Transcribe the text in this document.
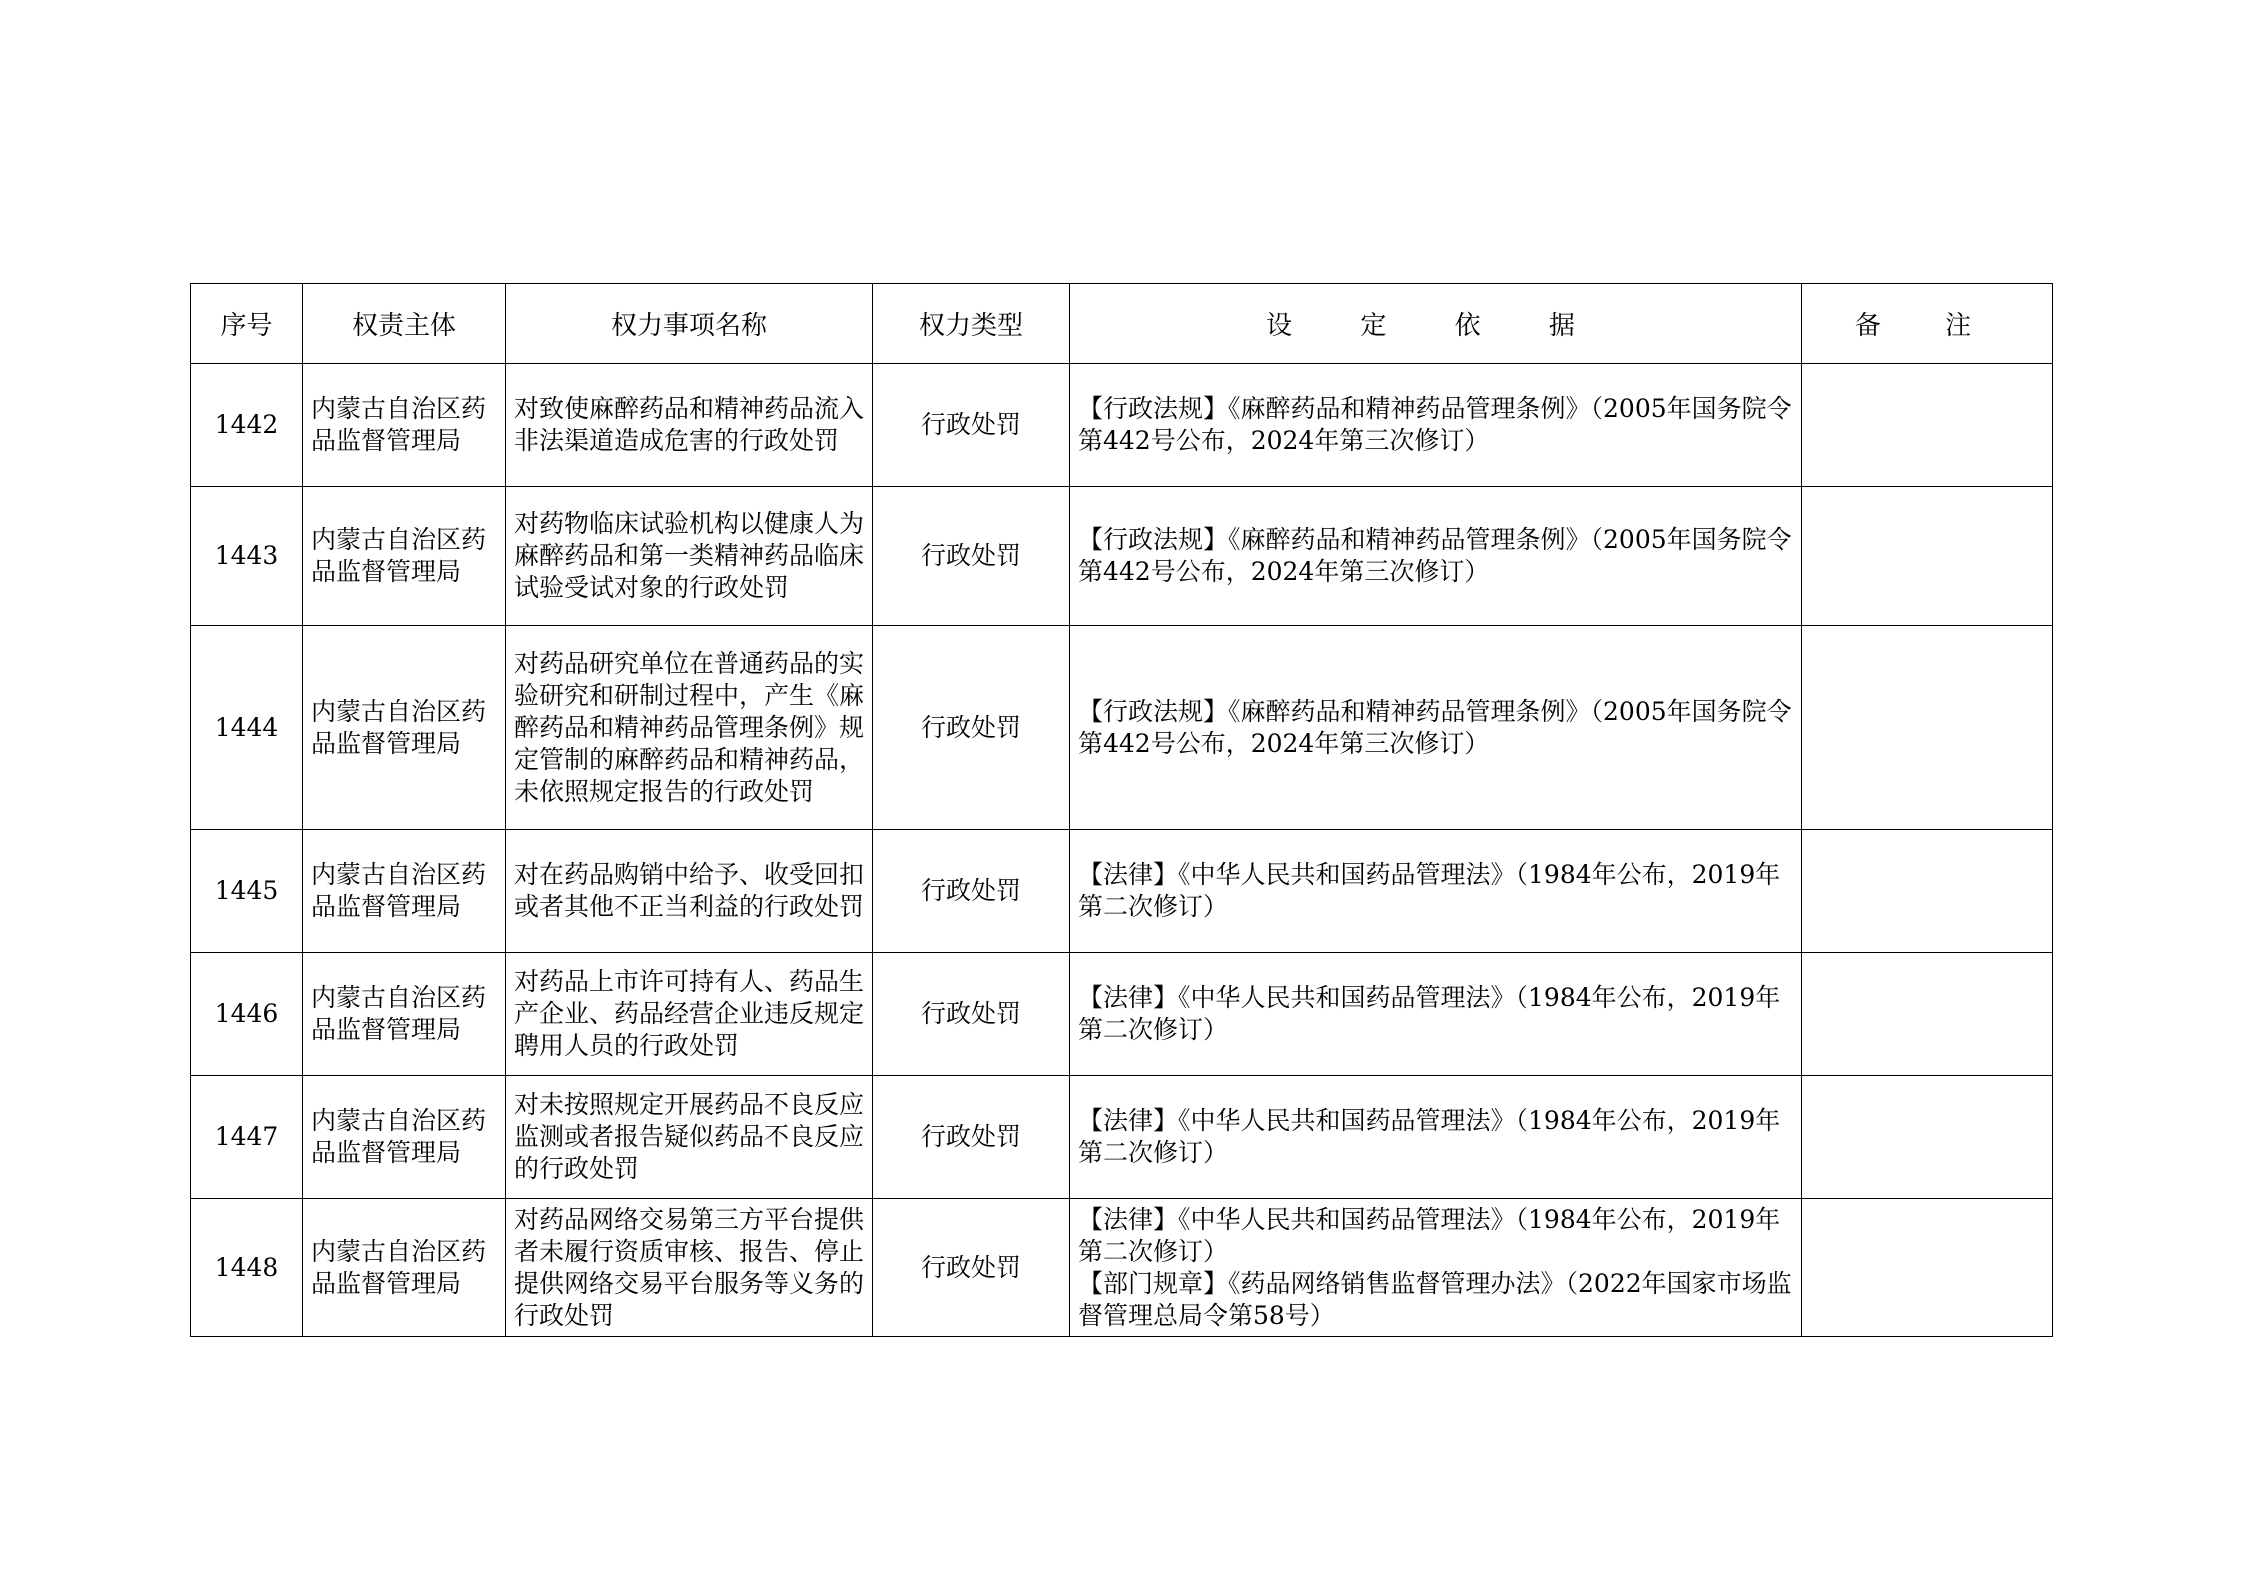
序号	权责主体	权力事项名称	权力类型	设 定 依 据	备 注
1442	内蒙古自治区药品监督管理局	对致使麻醉药品和精神药品流入非法渠道造成危害的行政处罚	行政处罚	【行政法规】《麻醉药品和精神药品管理条例》（2005年国务院令第442号公布，2024年第三次修订）	

1443	内蒙古自治区药品监督管理局	对药物临床试验机构以健康人为麻醉药品和第一类精神药品临床试验受试对象的行政处罚	行政处罚	【行政法规】《麻醉药品和精神药品管理条例》（2005年国务院令第442号公布，2024年第三次修订）	

1444	内蒙古自治区药品监督管理局	对药品研究单位在普通药品的实验研究和研制过程中，产生《麻醉药品和精神药品管理条例》规定管制的麻醉药品和精神药品，未依照规定报告的行政处罚	行政处罚	【行政法规】《麻醉药品和精神药品管理条例》（2005年国务院令第442号公布，2024年第三次修订）	

1445	内蒙古自治区药品监督管理局	对在药品购销中给予、收受回扣或者其他不正当利益的行政处罚	行政处罚	【法律】《中华人民共和国药品管理法》（1984年公布，2019年第二次修订）	

1446	内蒙古自治区药品监督管理局	对药品上市许可持有人、药品生产企业、药品经营企业违反规定聘用人员的行政处罚	行政处罚	【法律】《中华人民共和国药品管理法》（1984年公布，2019年第二次修订）	

1447	内蒙古自治区药品监督管理局	对未按照规定开展药品不良反应监测或者报告疑似药品不良反应的行政处罚	行政处罚	【法律】《中华人民共和国药品管理法》（1984年公布，2019年第二次修订）	

1448	内蒙古自治区药品监督管理局	对药品网络交易第三方平台提供者未履行资质审核、报告、停止提供网络交易平台服务等义务的行政处罚	行政处罚	【法律】《中华人民共和国药品管理法》（1984年公布，2019年第二次修订）
【部门规章】《药品网络销售监督管理办法》（2022年国家市场监督管理总局令第58号）	
